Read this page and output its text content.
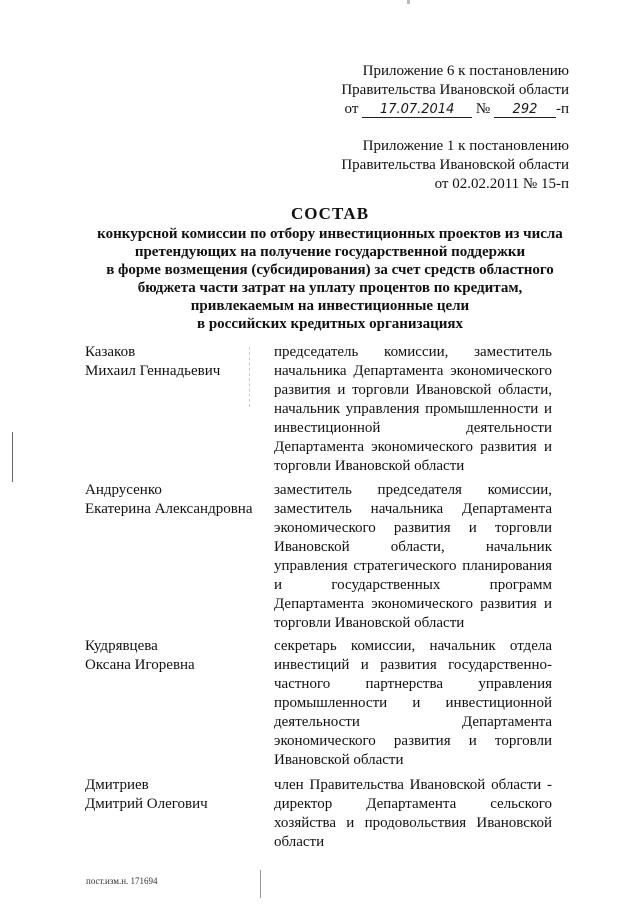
Приложение 6 к постановлению
Правительства Ивановской области
от 17.07.2014 № 292 -п
Приложение 1 к постановлению
Правительства Ивановской области
от 02.02.2011 № 15-п
СОСТАВ
конкурсной комиссии по отбору инвестиционных проектов из числа
претендующих на получение государственной поддержки
в форме возмещения (субсидирования) за счет средств областного
бюджета части затрат на уплату процентов по кредитам,
привлекаемым на инвестиционные цели
в российских кредитных организациях
Казаков
Михаил Геннадьевич
председатель комиссии, заместитель начальника Департамента экономического развития и торговли Ивановской области, начальник управления промышленности и инвестиционной деятельности Департамента экономического развития и торговли Ивановской области
Андрусенко
Екатерина Александровна
заместитель председателя комиссии, заместитель начальника Департамента экономического развития и торговли Ивановской области, начальник управления стратегического планирования и государственных программ Департамента экономического развития и торговли Ивановской области
Кудрявцева
Оксана Игоревна
секретарь комиссии, начальник отдела инвестиций и развития государственно-частного партнерства управления промышленности и инвестиционной деятельности Департамента экономического развития и торговли Ивановской области
Дмитриев
Дмитрий Олегович
член Правительства Ивановской области - директор Департамента сельского хозяйства и продовольствия Ивановской области
пост.изм.н. 171694
